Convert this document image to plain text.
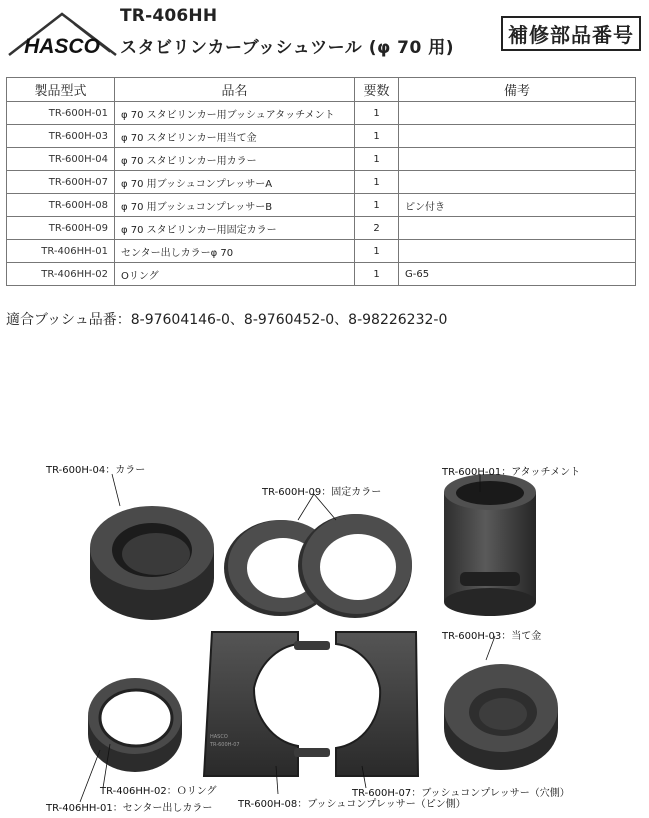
HASCO
TR-406HH
スタビリンカーブッシュツール (φ 70 用)
補修部品番号
製品型式	品名	要数	備考
TR-600H-01	φ 70 スタビリンカー用ブッシュアタッチメント	1	
TR-600H-03	φ 70 スタビリンカー用当て金	1	
TR-600H-04	φ 70 スタビリンカー用カラー	1	
TR-600H-07	φ 70 用ブッシュコンプレッサーA	1	
TR-600H-08	φ 70 用ブッシュコンプレッサーB	1	ピン付き
TR-600H-09	φ 70 スタビリンカー用固定カラー	2	
TR-406HH-01	センター出しカラーφ 70	1	
TR-406HH-02	Oリング	1	G-65
適合ブッシュ品番：8-97604146-0、8-9760452-0、8-98226232-0
HASCO
TR-600H-07
TR-600H-04：カラー
TR-600H-09：固定カラー
TR-600H-01：アタッチメント
TR-600H-03：当て金
TR-406HH-02：Ｏリング
TR-406HH-01：センター出しカラー	TR-600H-08：ブッシュコンプレッサー（ピン側）
TR-600H-07：ブッシュコンプレッサー（穴側）
